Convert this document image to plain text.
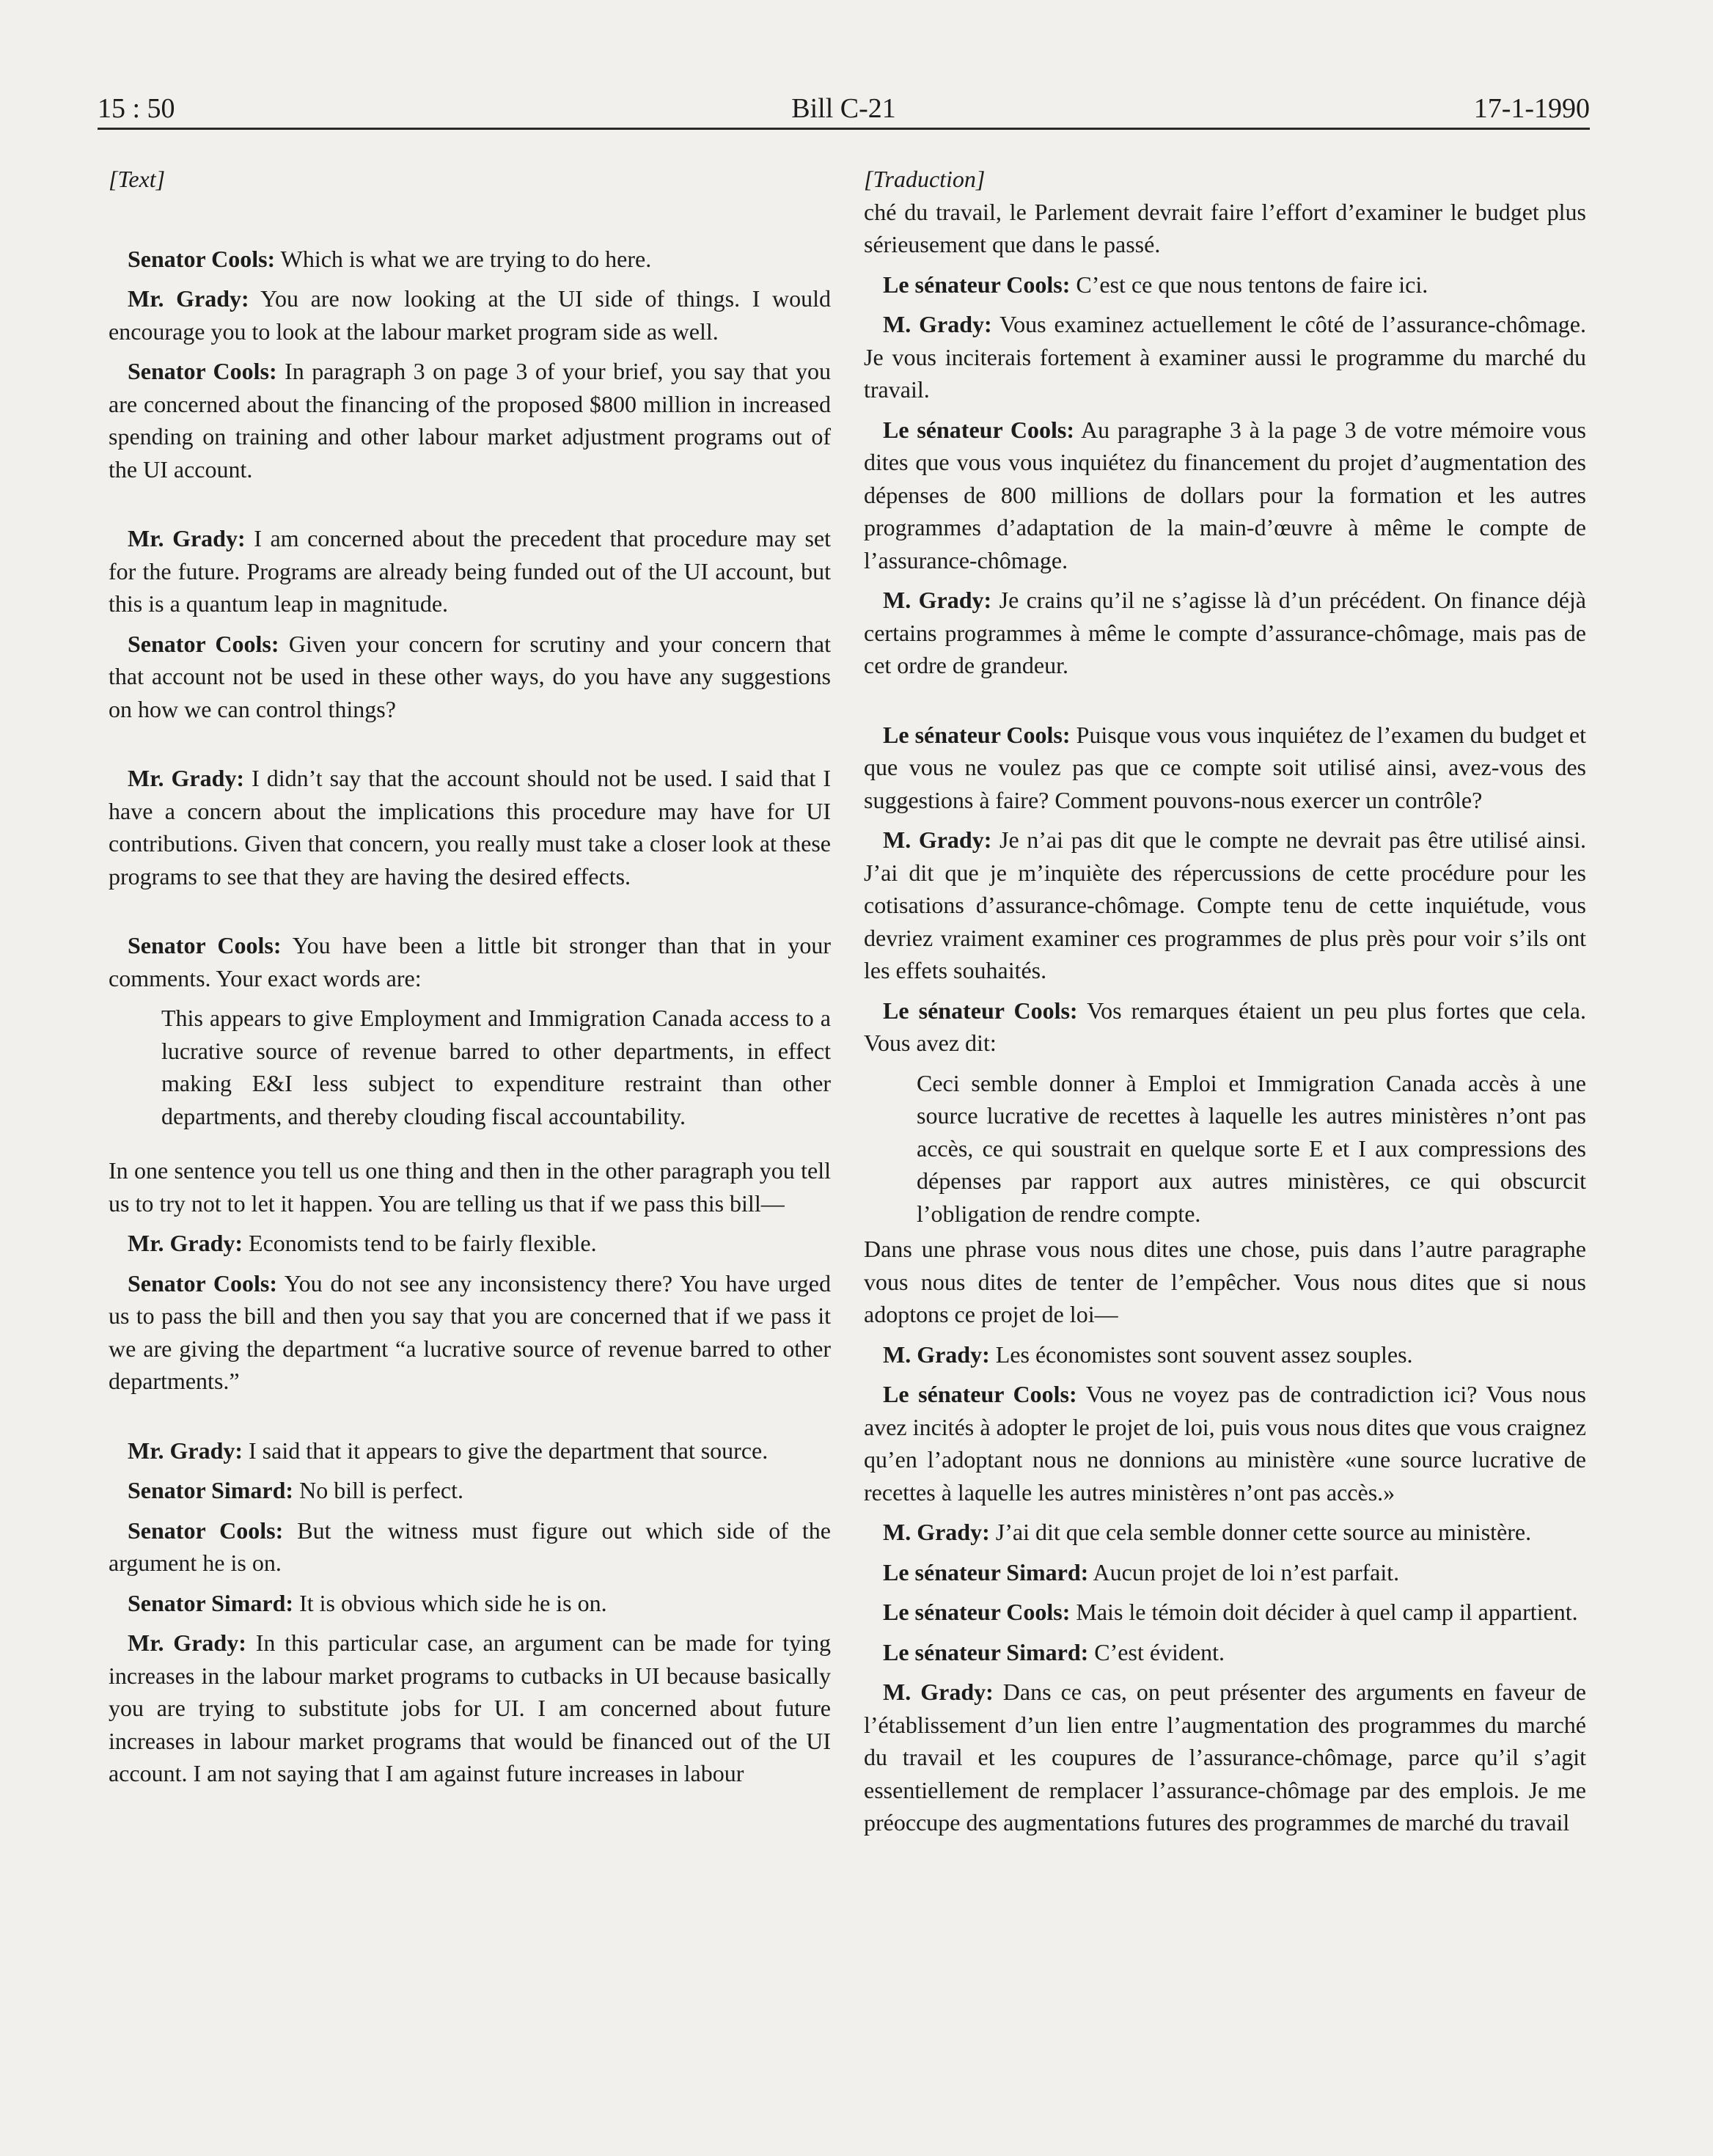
15 : 50	Bill C-21	17-1-1990

[Text]

Senator Cools: Which is what we are trying to do here.

Mr. Grady: You are now looking at the UI side of things. I would encourage you to look at the labour market program side as well.

Senator Cools: In paragraph 3 on page 3 of your brief, you say that you are concerned about the financing of the proposed $800 million in increased spending on training and other labour market adjustment programs out of the UI account.

Mr. Grady: I am concerned about the precedent that procedure may set for the future. Programs are already being funded out of the UI account, but this is a quantum leap in magnitude.

Senator Cools: Given your concern for scrutiny and your concern that that account not be used in these other ways, do you have any suggestions on how we can control things?

Mr. Grady: I didn’t say that the account should not be used. I said that I have a concern about the implications this procedure may have for UI contributions. Given that concern, you really must take a closer look at these programs to see that they are having the desired effects.

Senator Cools: You have been a little bit stronger than that in your comments. Your exact words are:

This appears to give Employment and Immigration Canada access to a lucrative source of revenue barred to other departments, in effect making E&I less subject to expenditure restraint than other departments, and thereby clouding fiscal accountability.

In one sentence you tell us one thing and then in the other paragraph you tell us to try not to let it happen. You are telling us that if we pass this bill—

Mr. Grady: Economists tend to be fairly flexible.

Senator Cools: You do not see any inconsistency there? You have urged us to pass the bill and then you say that you are concerned that if we pass it we are giving the department “a lucrative source of revenue barred to other departments.”

Mr. Grady: I said that it appears to give the department that source.

Senator Simard: No bill is perfect.

Senator Cools: But the witness must figure out which side of the argument he is on.

Senator Simard: It is obvious which side he is on.

Mr. Grady: In this particular case, an argument can be made for tying increases in the labour market programs to cutbacks in UI because basically you are trying to substitute jobs for UI. I am concerned about future increases in labour market programs that would be financed out of the UI account. I am not saying that I am against future increases in labour

[Traduction]

ché du travail, le Parlement devrait faire l’effort d’examiner le budget plus sérieusement que dans le passé.

Le sénateur Cools: C’est ce que nous tentons de faire ici.

M. Grady: Vous examinez actuellement le côté de l’assurance-chômage. Je vous inciterais fortement à examiner aussi le programme du marché du travail.

Le sénateur Cools: Au paragraphe 3 à la page 3 de votre mémoire vous dites que vous vous inquiétez du financement du projet d’augmentation des dépenses de 800 millions de dollars pour la formation et les autres programmes d’adaptation de la main-d’œuvre à même le compte de l’assurance-chômage.

M. Grady: Je crains qu’il ne s’agisse là d’un précédent. On finance déjà certains programmes à même le compte d’assurance-chômage, mais pas de cet ordre de grandeur.

Le sénateur Cools: Puisque vous vous inquiétez de l’examen du budget et que vous ne voulez pas que ce compte soit utilisé ainsi, avez-vous des suggestions à faire? Comment pouvons-nous exercer un contrôle?

M. Grady: Je n’ai pas dit que le compte ne devrait pas être utilisé ainsi. J’ai dit que je m’inquiète des répercussions de cette procédure pour les cotisations d’assurance-chômage. Compte tenu de cette inquiétude, vous devriez vraiment examiner ces programmes de plus près pour voir s’ils ont les effets souhaités.

Le sénateur Cools: Vos remarques étaient un peu plus fortes que cela. Vous avez dit:

Ceci semble donner à Emploi et Immigration Canada accès à une source lucrative de recettes à laquelle les autres ministères n’ont pas accès, ce qui soustrait en quelque sorte E et I aux compressions des dépenses par rapport aux autres ministères, ce qui obscurcit l’obligation de rendre compte.

Dans une phrase vous nous dites une chose, puis dans l’autre paragraphe vous nous dites de tenter de l’empêcher. Vous nous dites que si nous adoptons ce projet de loi—

M. Grady: Les économistes sont souvent assez souples.

Le sénateur Cools: Vous ne voyez pas de contradiction ici? Vous nous avez incités à adopter le projet de loi, puis vous nous dites que vous craignez qu’en l’adoptant nous ne donnions au ministère «une source lucrative de recettes à laquelle les autres ministères n’ont pas accès.»

M. Grady: J’ai dit que cela semble donner cette source au ministère.

Le sénateur Simard: Aucun projet de loi n’est parfait.

Le sénateur Cools: Mais le témoin doit décider à quel camp il appartient.

Le sénateur Simard: C’est évident.

M. Grady: Dans ce cas, on peut présenter des arguments en faveur de l’établissement d’un lien entre l’augmentation des programmes du marché du travail et les coupures de l’assurance-chômage, parce qu’il s’agit essentiellement de remplacer l’assurance-chômage par des emplois. Je me préoccupe des augmentations futures des programmes de marché du travail
